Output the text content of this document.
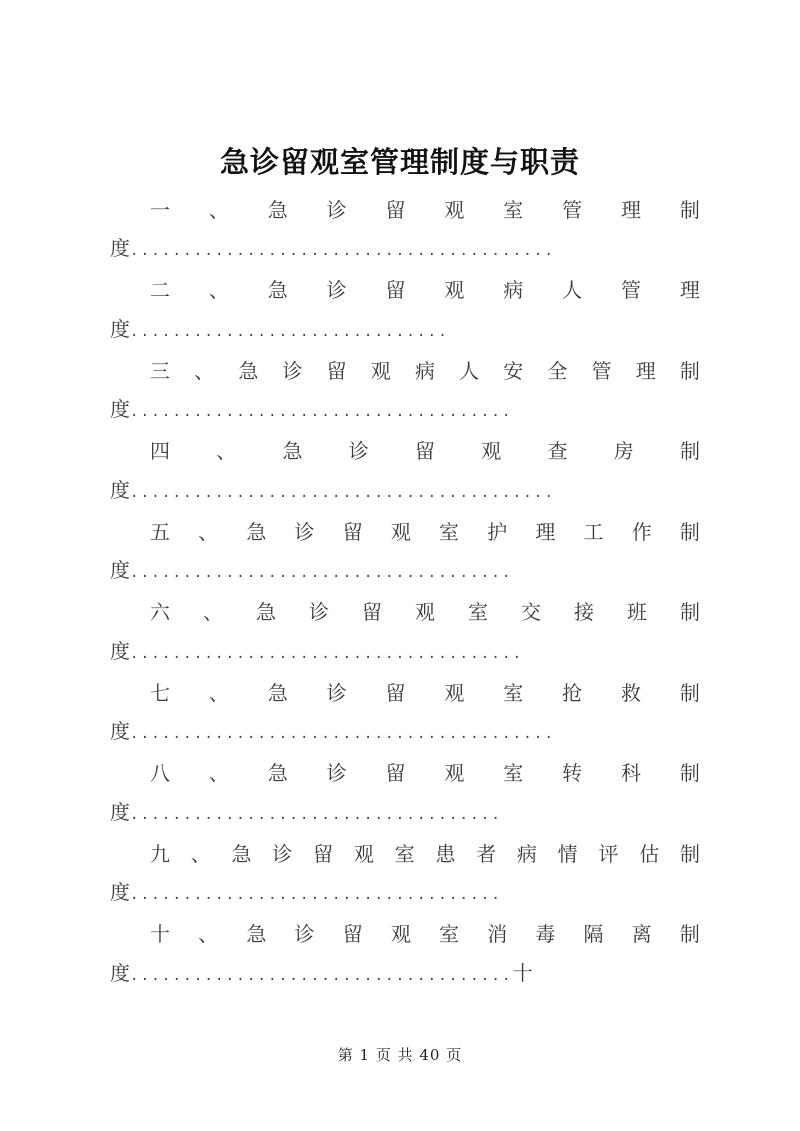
急诊留观室管理制度与职责
一 、 急 诊 留 观 室 管 理 制
度........................................
二 、 急 诊 留 观 病 人 管 理
度..............................
三 、 急 诊 留 观 病 人 安 全 管 理 制
度....................................
四 、 急 诊 留 观 查 房 制
度........................................
五 、 急 诊 留 观 室 护 理 工 作 制
度....................................
六 、 急 诊 留 观 室 交 接 班 制
度.....................................
七 、 急 诊 留 观 室 抢 救 制
度........................................
八 、 急 诊 留 观 室 转 科 制
度...................................
九 、 急 诊 留 观 室 患 者 病 情 评 估 制
度...................................
十 、 急 诊 留 观 室 消 毒 隔 离 制
度....................................十
第 1 页 共 40 页
